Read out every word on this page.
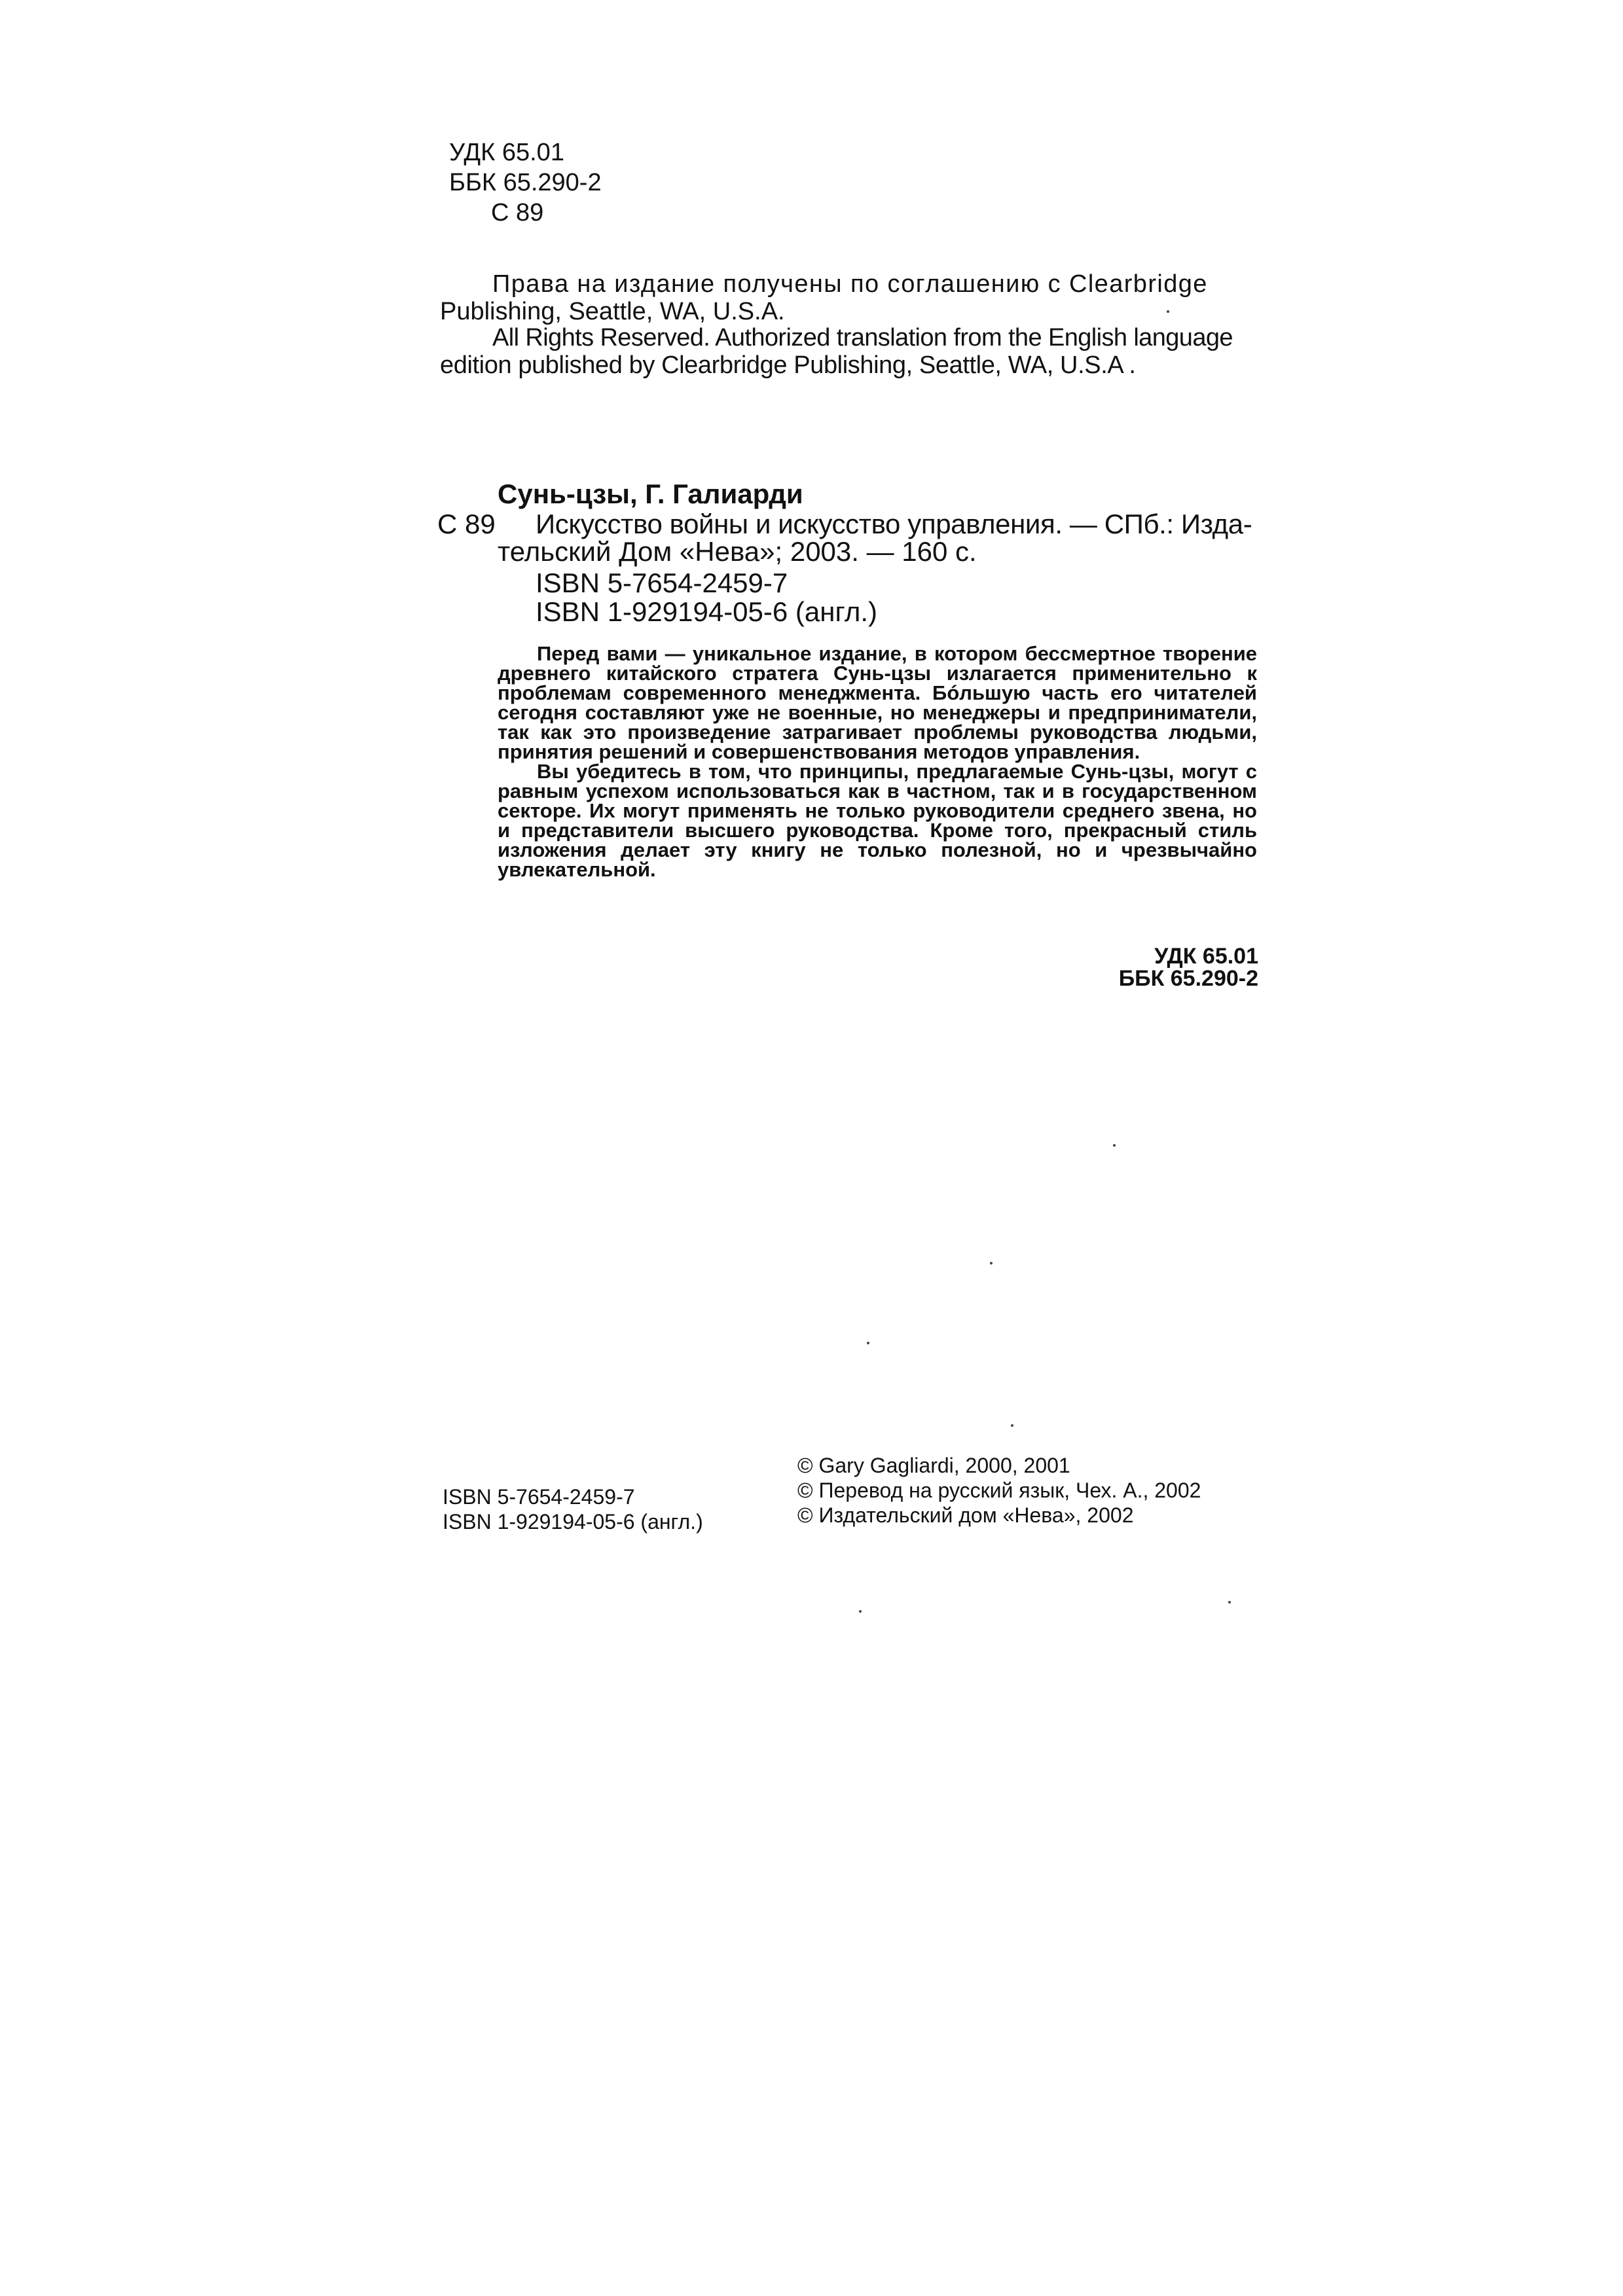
УДК 65.01
ББК 65.290-2
С 89
Права на издание получены по соглашению с Clearbridge
Publishing, Seattle, WA, U.S.A.
All Rights Reserved. Authorized translation from the English language
edition published by Clearbridge Publishing, Seattle, WA, U.S.A .
Сунь-цзы, Г. Галиарди
С 89 Искусство войны и искусство управления. — СПб.: Изда-
тельский Дом «Нева»; 2003. — 160 с.
ISBN 5-7654-2459-7
ISBN 1-929194-05-6 (англ.)

Перед вами — уникальное издание, в котором бессмертное творение древнего китайского стратега Сунь-цзы излагается применительно к проблемам современного менеджмента. Бóльшую часть его читателей сегодня составляют уже не военные, но менеджеры и предприниматели, так как это произведение затрагивает проблемы руководства людьми, принятия решений и совершенствования методов управления.

Вы убедитесь в том, что принципы, предлагаемые Сунь-цзы, могут с равным успехом использоваться как в частном, так и в государственном секторе. Их могут применять не только руководители среднего звена, но и представители высшего руководства. Кроме того, прекрасный стиль изложения делает эту книгу не только полезной, но и чрезвычайно увлекательной.

УДК 65.01
ББК 65.290-2
ISBN 5-7654-2459-7
ISBN 1-929194-05-6 (англ.)
© Gary Gagliardi, 2000, 2001
© Перевод на русский язык, Чех. А., 2002
© Издательский дом «Нева», 2002
